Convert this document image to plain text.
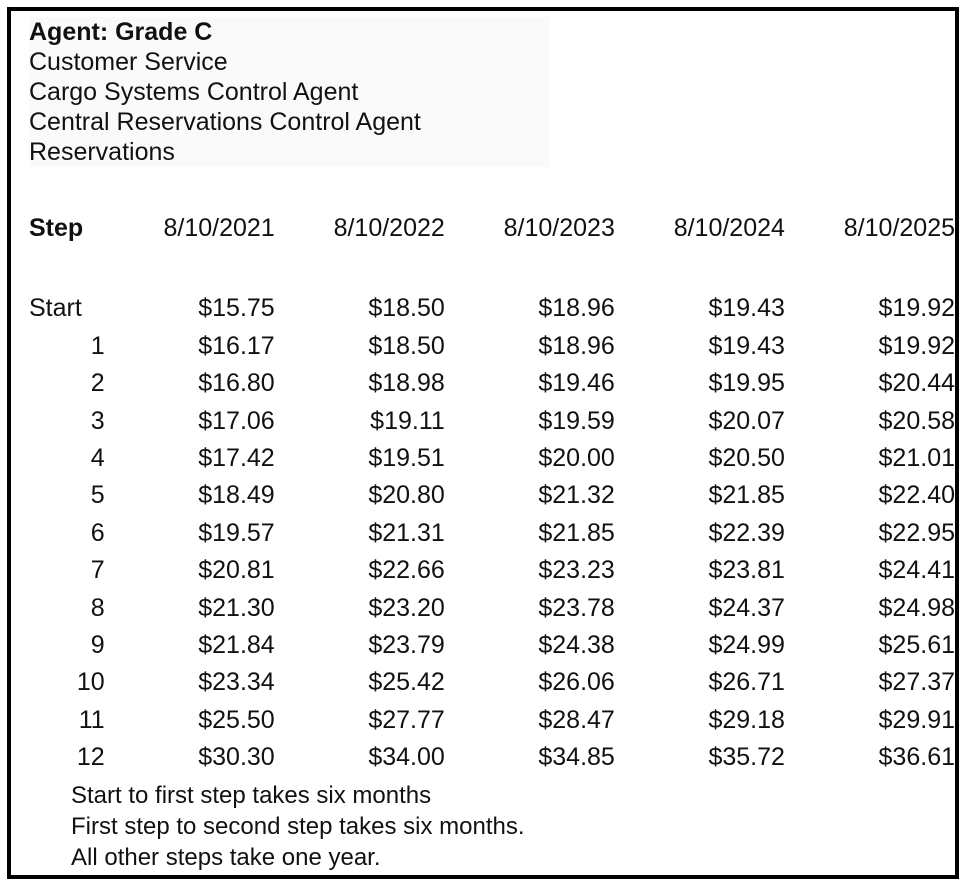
Agent: Grade C
Customer Service
Cargo Systems Control Agent
Central Reservations Control Agent
Reservations
Step	8/10/2021	8/10/2022	8/10/2023	8/10/2024	8/10/2025

Start	$15.75	$18.50	$18.96	$19.43	$19.92
1	$16.17	$18.50	$18.96	$19.43	$19.92
2	$16.80	$18.98	$19.46	$19.95	$20.44
3	$17.06	$19.11	$19.59	$20.07	$20.58
4	$17.42	$19.51	$20.00	$20.50	$21.01
5	$18.49	$20.80	$21.32	$21.85	$22.40
6	$19.57	$21.31	$21.85	$22.39	$22.95
7	$20.81	$22.66	$23.23	$23.81	$24.41
8	$21.30	$23.20	$23.78	$24.37	$24.98
9	$21.84	$23.79	$24.38	$24.99	$25.61
10	$23.34	$25.42	$26.06	$26.71	$27.37
11	$25.50	$27.77	$28.47	$29.18	$29.91
12	$30.30	$34.00	$34.85	$35.72	$36.61
Start to first step takes six months
First step to second step takes six months.
All other steps take one year.
